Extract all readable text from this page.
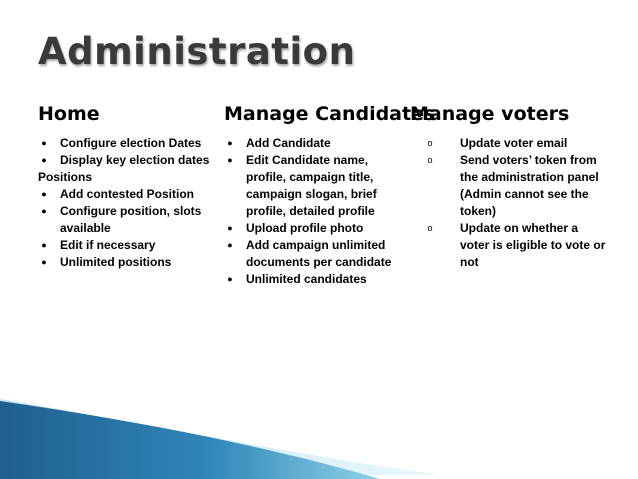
Administration
Home
● Configure election Dates
● Display key election dates
Positions
● Add contested Position
● Configure position, slots available
● Edit if necessary
● Unlimited positions
Manage Candidates
● Add Candidate
● Edit Candidate name, profile, campaign title, campaign slogan, brief profile, detailed profile
● Upload profile photo
● Add campaign unlimited documents per candidate
● Unlimited candidates
Manage voters
o Update voter email
o Send voters’ token from the administration panel (Admin cannot see the token)
o Update on whether a voter is eligible to vote or not
